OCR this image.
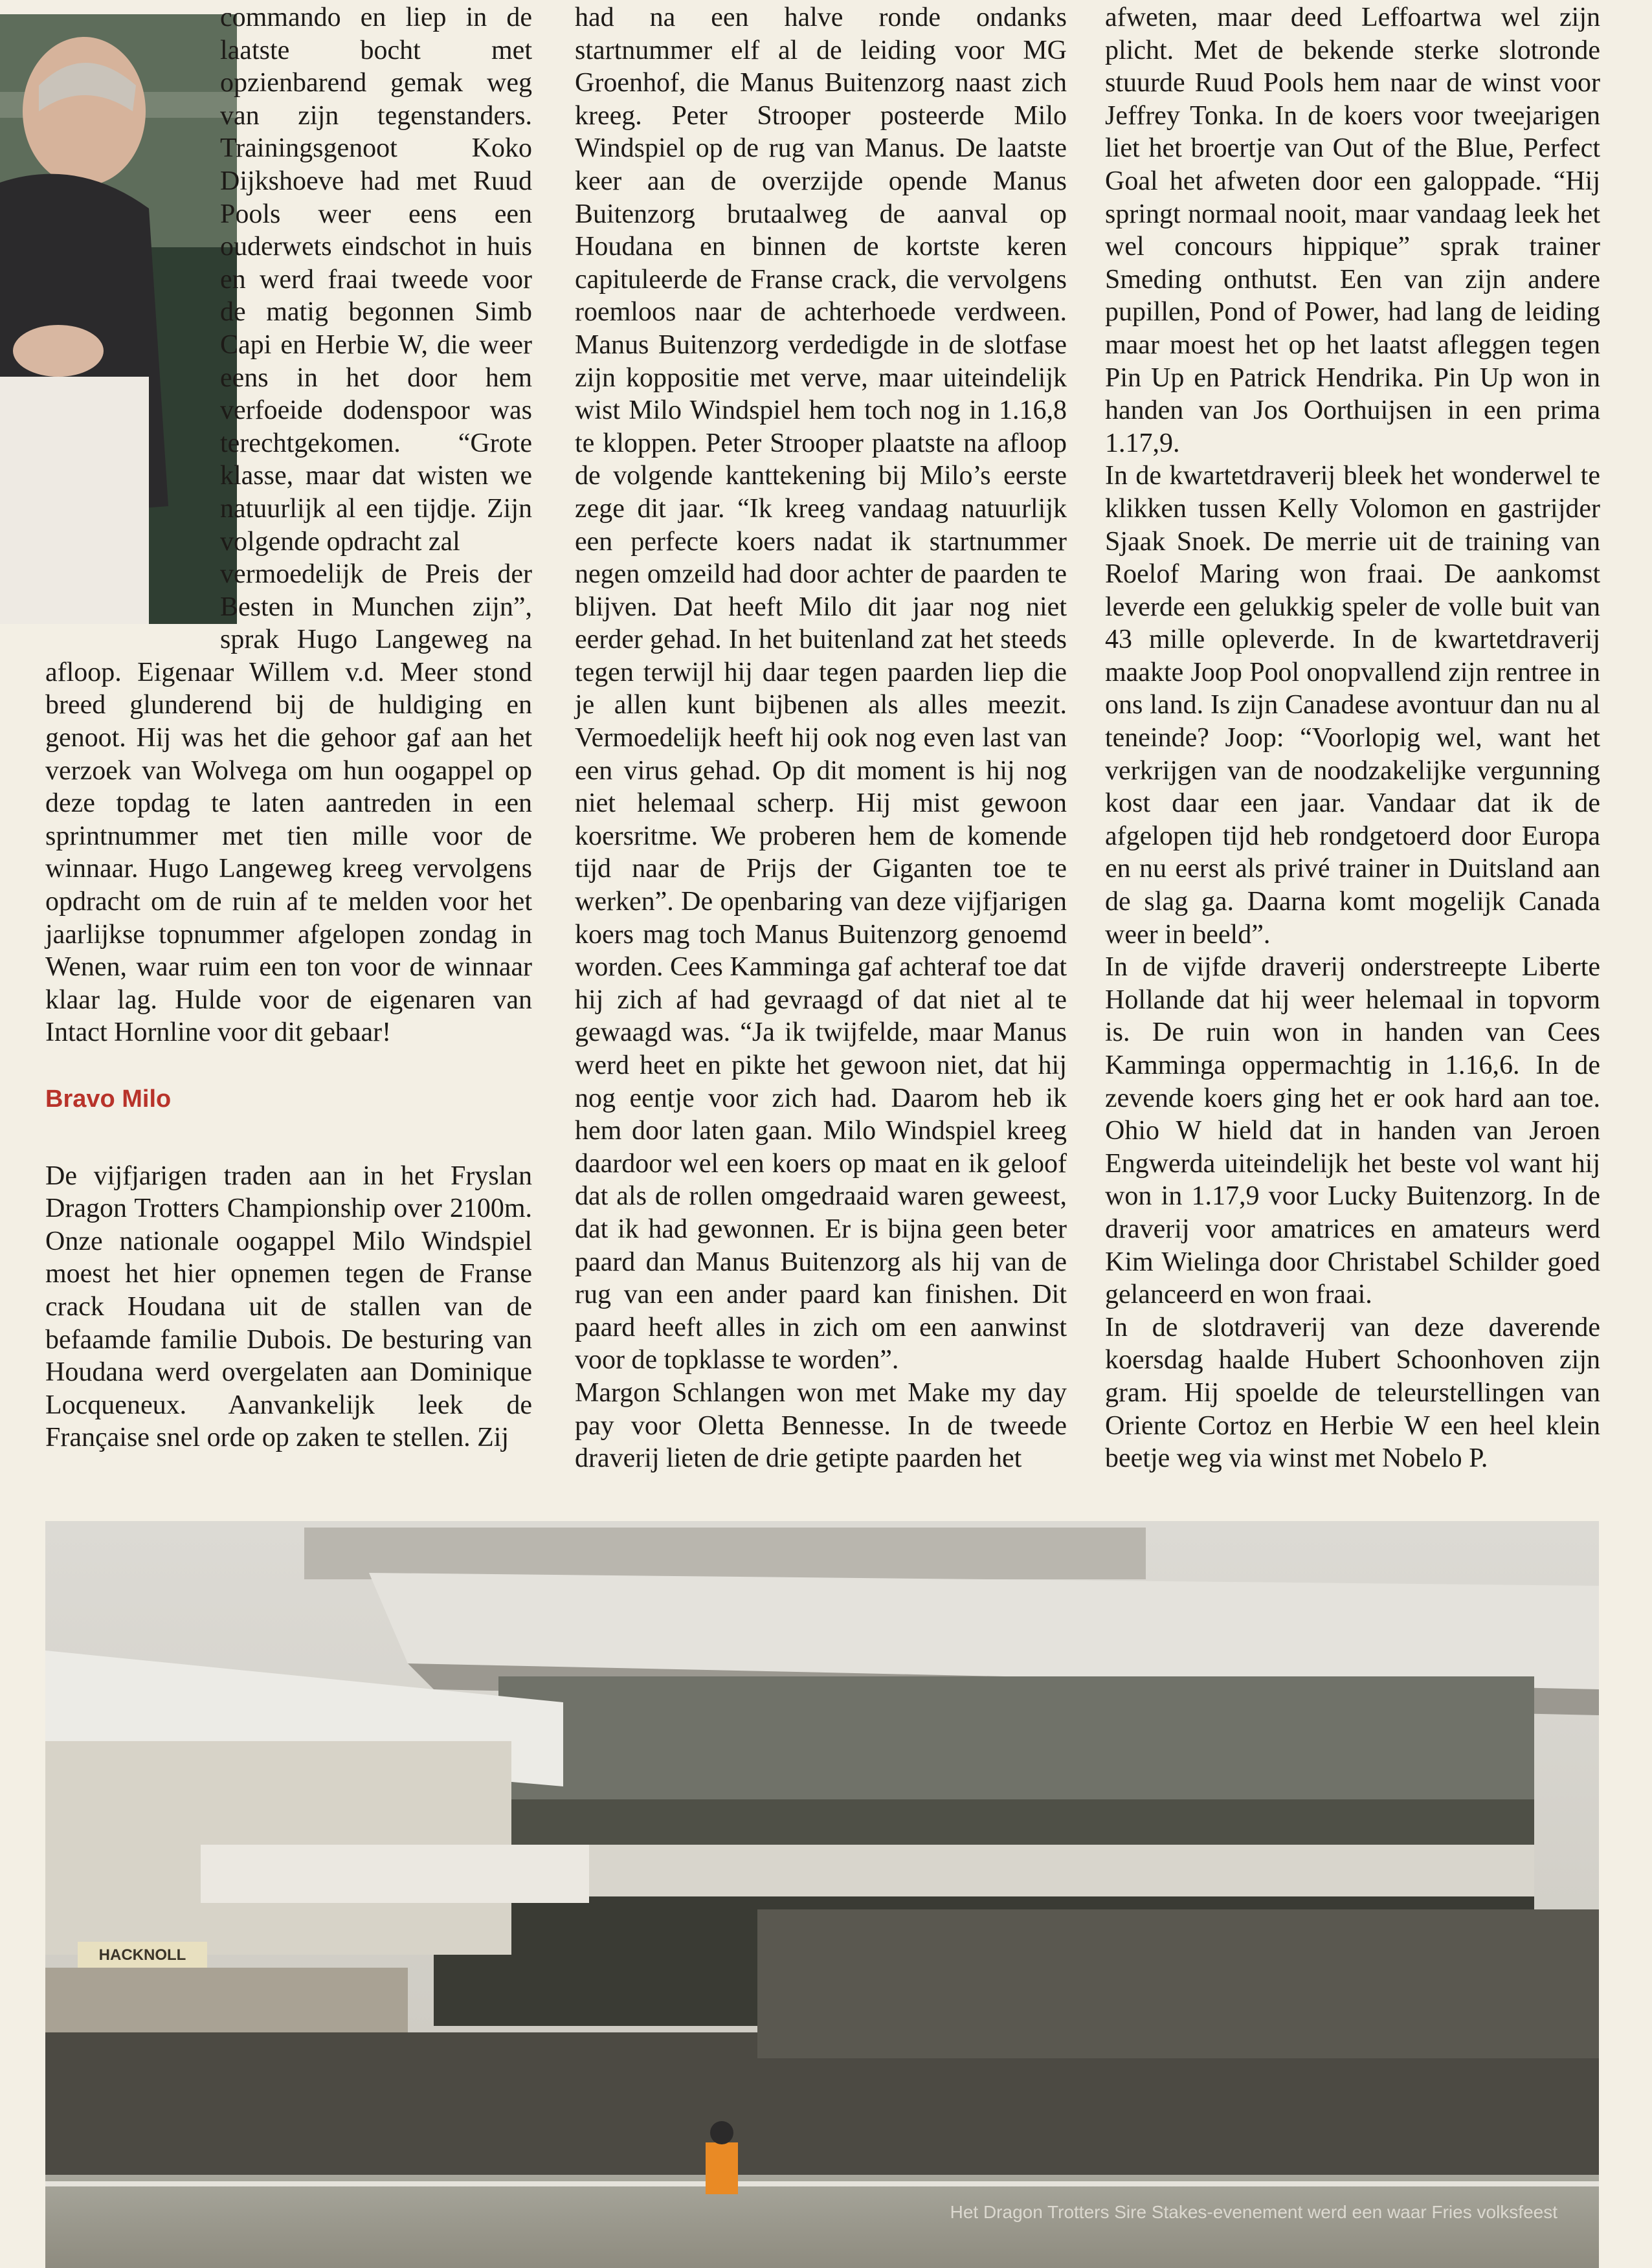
commando en liep in de laatste bocht met opzienbarend gemak weg van zijn tegenstanders. Trainingsgenoot Koko Dijkshoeve had met Ruud Pools weer eens een ouderwets eindschot in huis en werd fraai tweede voor de matig begonnen Simb Capi en Herbie W, die weer eens in het door hem verfoeide dodenspoor was terechtgekomen. “Grote klasse, maar dat wisten we natuurlijk al een tijdje. Zijn volgende opdracht zal

vermoedelijk de Preis der Besten in Munchen zijn”, sprak Hugo Langeweg na afloop. Eigenaar Willem v.d. Meer stond breed glunderend bij de huldiging en genoot. Hij was het die gehoor gaf aan het verzoek van Wolvega om hun oogappel op deze topdag te laten aantreden in een sprintnummer met tien mille voor de winnaar. Hugo Langeweg kreeg vervolgens opdracht om de ruin af te melden voor het jaarlijkse topnummer afgelopen zondag in Wenen, waar ruim een ton voor de winnaar klaar lag. Hulde voor de eigenaren van Intact Hornline voor dit gebaar!

Bravo Milo

De vijfjarigen traden aan in het Fryslan Dragon Trotters Championship over 2100m. Onze nationale oogappel Milo Windspiel moest het hier opnemen tegen de Franse crack Houdana uit de stallen van de befaamde familie Dubois. De besturing van Houdana werd overgelaten aan Dominique Locqueneux. Aanvankelijk leek de Française snel orde op zaken te stellen. Zij

had na een halve ronde ondanks startnummer elf al de leiding voor MG Groenhof, die Manus Buitenzorg naast zich kreeg. Peter Strooper posteerde Milo Windspiel op de rug van Manus. De laatste keer aan de overzijde opende Manus Buitenzorg brutaalweg de aanval op Houdana en binnen de kortste keren capituleerde de Franse crack, die vervolgens roemloos naar de achterhoede verdween. Manus Buitenzorg verdedigde in de slotfase zijn koppositie met verve, maar uiteindelijk wist Milo Windspiel hem toch nog in 1.16,8 te kloppen. Peter Strooper plaatste na afloop de volgende kanttekening bij Milo’s eerste zege dit jaar. “Ik kreeg vandaag natuurlijk een perfecte koers nadat ik startnummer negen omzeild had door achter de paarden te blijven. Dat heeft Milo dit jaar nog niet eerder gehad. In het buitenland zat het steeds tegen terwijl hij daar tegen paarden liep die je allen kunt bijbenen als alles meezit. Vermoedelijk heeft hij ook nog even last van een virus gehad. Op dit moment is hij nog niet helemaal scherp. Hij mist gewoon koersritme. We proberen hem de komende tijd naar de Prijs der Giganten toe te werken”. De openbaring van deze vijfjarigen koers mag toch Manus Buitenzorg genoemd worden. Cees Kamminga gaf achteraf toe dat hij zich af had gevraagd of dat niet al te gewaagd was. “Ja ik twijfelde, maar Manus werd heet en pikte het gewoon niet, dat hij nog eentje voor zich had. Daarom heb ik hem door laten gaan. Milo Windspiel kreeg daardoor wel een koers op maat en ik geloof dat als de rollen omgedraaid waren geweest, dat ik had gewonnen. Er is bijna geen beter paard dan Manus Buitenzorg als hij van de rug van een ander paard kan finishen. Dit paard heeft alles in zich om een aanwinst voor de topklasse te worden”.

Margon Schlangen won met Make my day pay voor Oletta Bennesse. In de tweede draverij lieten de drie getipte paarden het

afweten, maar deed Leffoartwa wel zijn plicht. Met de bekende sterke slotronde stuurde Ruud Pools hem naar de winst voor Jeffrey Tonka. In de koers voor tweejarigen liet het broertje van Out of the Blue, Perfect Goal het afweten door een galoppade. “Hij springt normaal nooit, maar vandaag leek het wel concours hippique” sprak trainer Smeding onthutst. Een van zijn andere pupillen, Pond of Power, had lang de leiding maar moest het op het laatst afleggen tegen Pin Up en Patrick Hendrika. Pin Up won in handen van Jos Oorthuijsen in een prima 1.17,9.

In de kwartetdraverij bleek het wonderwel te klikken tussen Kelly Volomon en gastrijder Sjaak Snoek. De merrie uit de training van Roelof Maring won fraai. De aankomst leverde een gelukkig speler de volle buit van 43 mille opleverde. In de kwartetdraverij maakte Joop Pool onopvallend zijn rentree in ons land. Is zijn Canadese avontuur dan nu al teneinde? Joop: “Voorlopig wel, want het verkrijgen van de noodzakelijke vergunning kost daar een jaar. Vandaar dat ik de afgelopen tijd heb rondgetoerd door Europa en nu eerst als privé trainer in Duitsland aan de slag ga. Daarna komt mogelijk Canada weer in beeld”.

In de vijfde draverij onderstreepte Liberte Hollande dat hij weer helemaal in topvorm is. De ruin won in handen van Cees Kamminga oppermachtig in 1.16,6. In de zevende koers ging het er ook hard aan toe. Ohio W hield dat in handen van Jeroen Engwerda uiteindelijk het beste vol want hij won in 1.17,9 voor Lucky Buitenzorg. In de draverij voor amatrices en amateurs werd Kim Wielinga door Christabel Schilder goed gelanceerd en won fraai.

In de slotdraverij van deze daverende koersdag haalde Hubert Schoonhoven zijn gram. Hij spoelde de teleurstellingen van Oriente Cortoz en Herbie W een heel klein beetje weg via winst met Nobelo P.

HACKNOLL
Het Dragon Trotters Sire Stakes-evenement werd een waar Fries volksfeest
